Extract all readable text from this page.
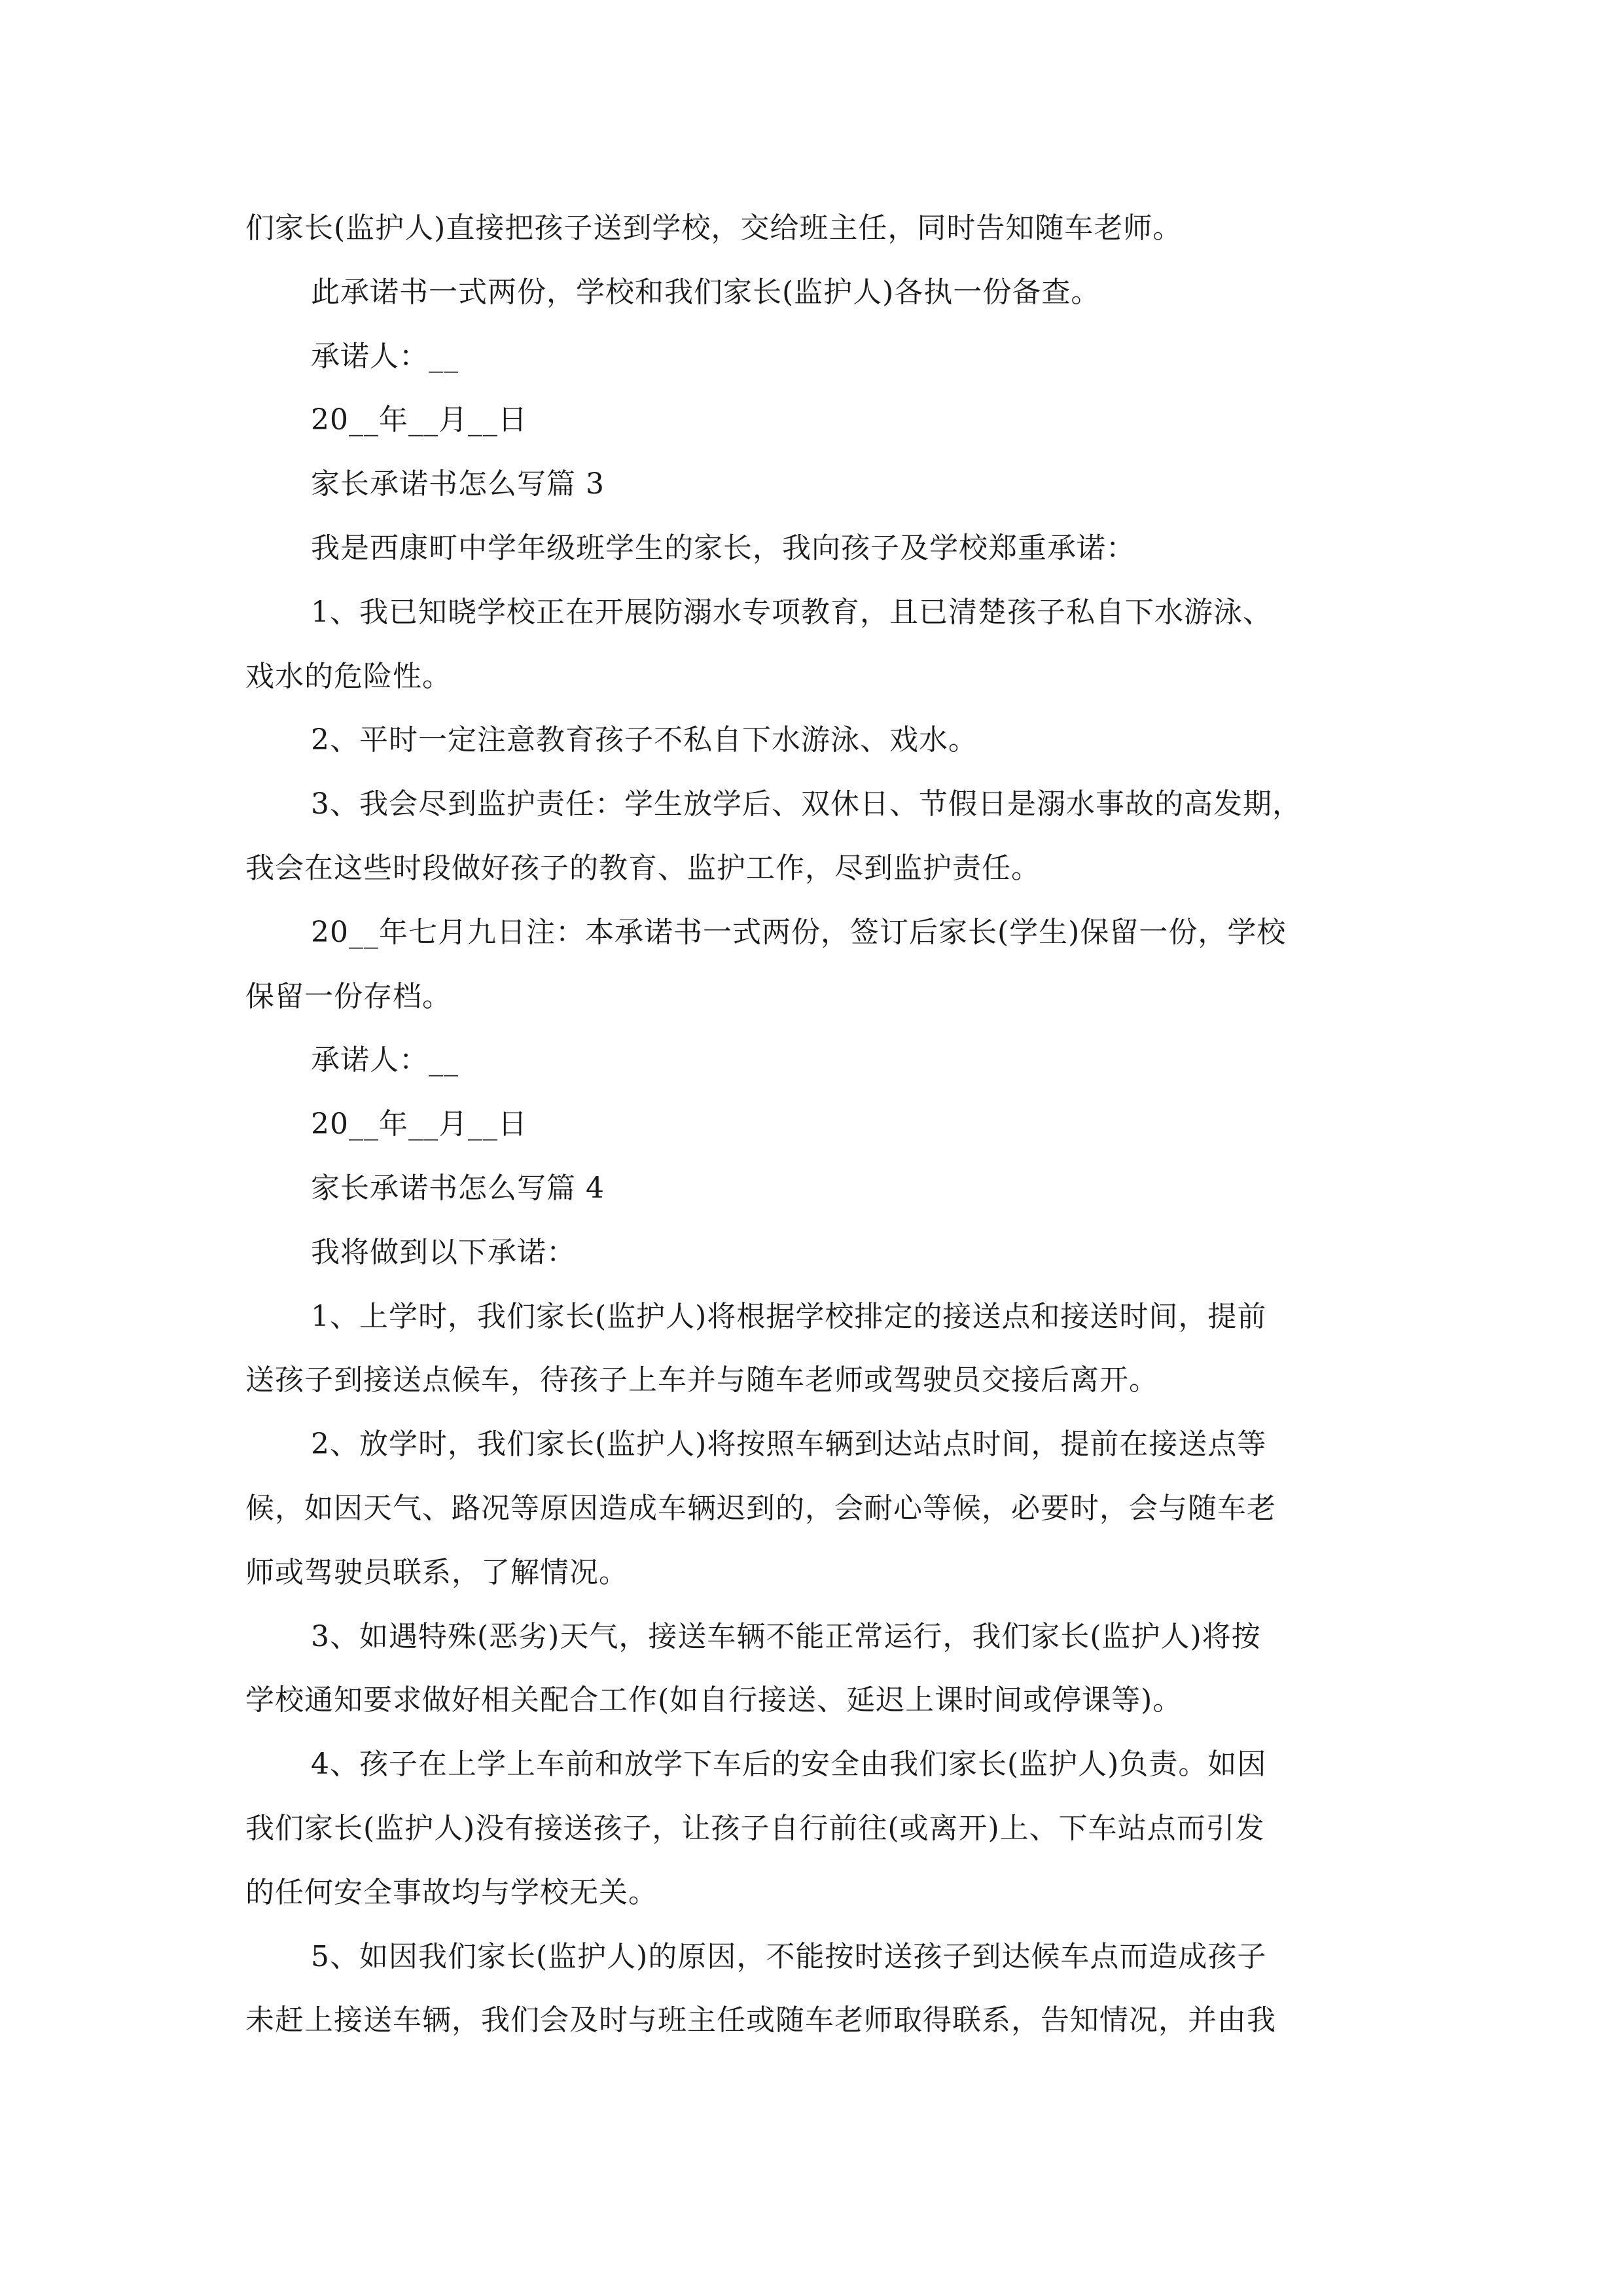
们家长(监护人)直接把孩子送到学校，交给班主任，同时告知随车老师。
此承诺书一式两份，学校和我们家长(监护人)各执一份备查。
承诺人：__
20__年__月__日
家长承诺书怎么写篇 3
我是西康町中学年级班学生的家长，我向孩子及学校郑重承诺：
1、我已知晓学校正在开展防溺水专项教育，且已清楚孩子私自下水游泳、
戏水的危险性。
2、平时一定注意教育孩子不私自下水游泳、戏水。
3、我会尽到监护责任：学生放学后、双休日、节假日是溺水事故的高发期，
我会在这些时段做好孩子的教育、监护工作，尽到监护责任。
20__年七月九日注：本承诺书一式两份，签订后家长(学生)保留一份，学校
保留一份存档。
承诺人：__
20__年__月__日
家长承诺书怎么写篇 4
我将做到以下承诺：
1、上学时，我们家长(监护人)将根据学校排定的接送点和接送时间，提前
送孩子到接送点候车，待孩子上车并与随车老师或驾驶员交接后离开。
2、放学时，我们家长(监护人)将按照车辆到达站点时间，提前在接送点等
候，如因天气、路况等原因造成车辆迟到的，会耐心等候，必要时，会与随车老
师或驾驶员联系，了解情况。
3、如遇特殊(恶劣)天气，接送车辆不能正常运行，我们家长(监护人)将按
学校通知要求做好相关配合工作(如自行接送、延迟上课时间或停课等)。
4、孩子在上学上车前和放学下车后的安全由我们家长(监护人)负责。如因
我们家长(监护人)没有接送孩子，让孩子自行前往(或离开)上、下车站点而引发
的任何安全事故均与学校无关。
5、如因我们家长(监护人)的原因，不能按时送孩子到达候车点而造成孩子
未赶上接送车辆，我们会及时与班主任或随车老师取得联系，告知情况，并由我
